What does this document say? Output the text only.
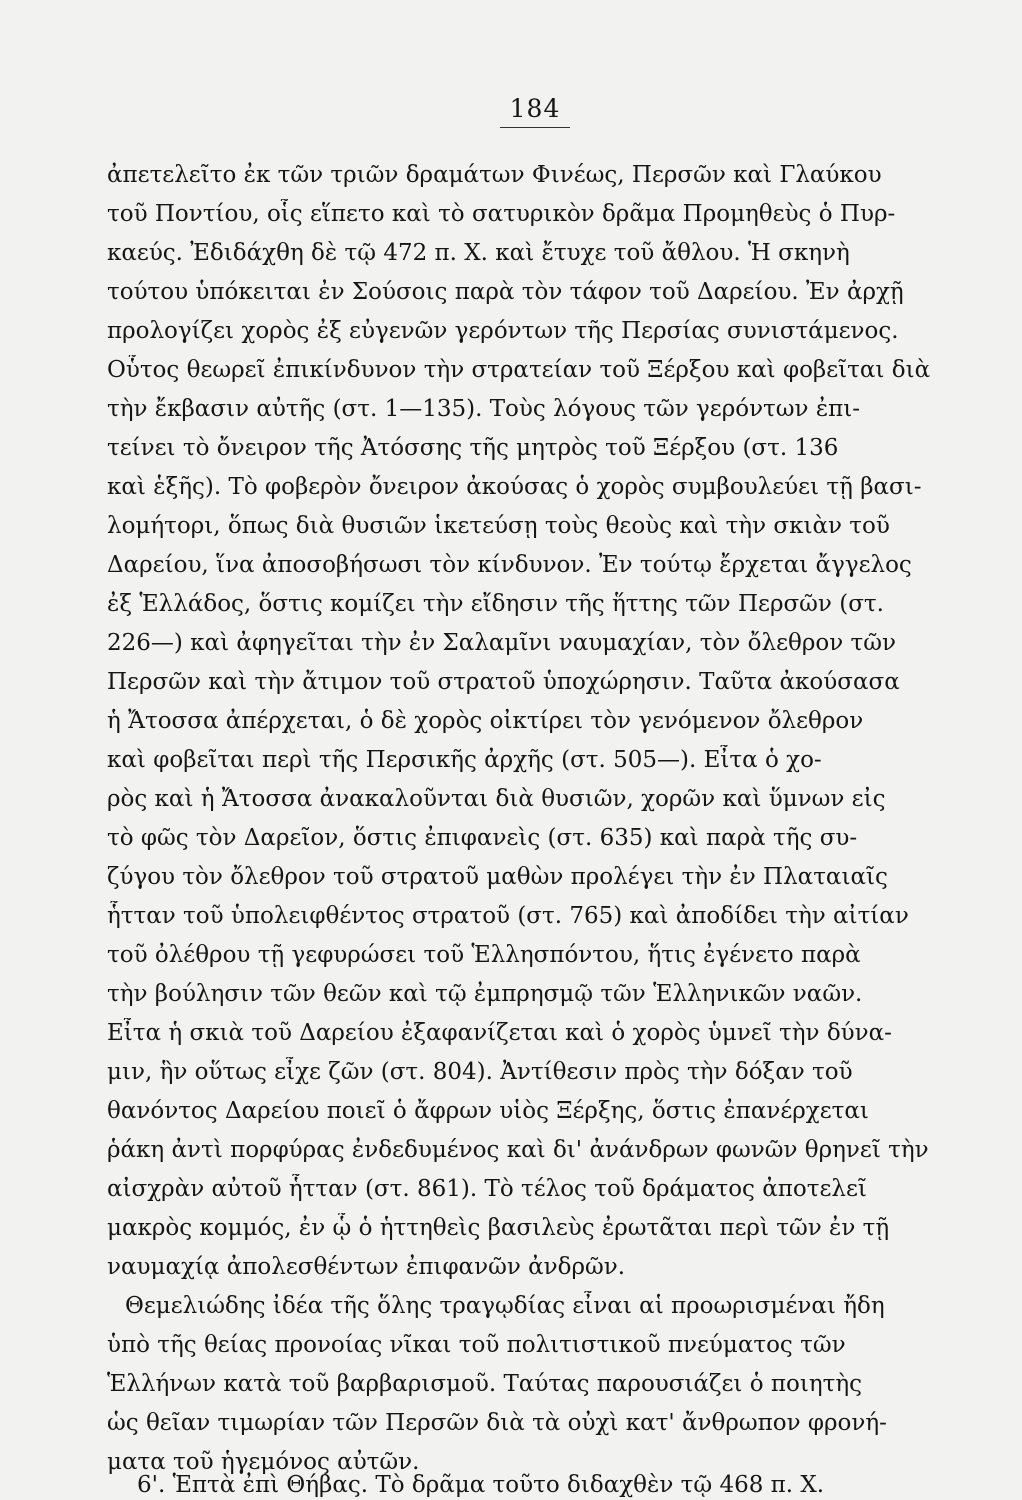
184
ἀπετελεῖτο ἐκ τῶν τριῶν δραμάτων Φινέως, Περσῶν καὶ Γλαύκου
τοῦ Ποντίου, οἷς εἵπετο καὶ τὸ σατυρικὸν δρᾶμα Προμηθεὺς ὁ Πυρ-
καεύς. Ἐδιδάχθη δὲ τῷ 472 π. Χ. καὶ ἔτυχε τοῦ ἄθλου. Ἡ σκηνὴ
τούτου ὑπόκειται ἐν Σούσοις παρὰ τὸν τάφον τοῦ Δαρείου. Ἐν ἀρχῇ
προλογίζει χορὸς ἐξ εὐγενῶν γερόντων τῆς Περσίας συνιστάμενος.
Οὗτος θεωρεῖ ἐπικίνδυνον τὴν στρατείαν τοῦ Ξέρξου καὶ φοβεῖται διὰ
τὴν ἔκβασιν αὐτῆς (στ. 1—135). Τοὺς λόγους τῶν γερόντων ἐπι-
τείνει τὸ ὄνειρον τῆς Ἀτόσσης τῆς μητρὸς τοῦ Ξέρξου (στ. 136
καὶ ἑξῆς). Τὸ φοβερὸν ὄνειρον ἀκούσας ὁ χορὸς συμβουλεύει τῇ βασι-
λομήτορι, ὅπως διὰ θυσιῶν ἱκετεύσῃ τοὺς θεοὺς καὶ τὴν σκιὰν τοῦ
Δαρείου, ἵνα ἀποσοβήσωσι τὸν κίνδυνον. Ἐν τούτῳ ἔρχεται ἄγγελος
ἐξ Ἑλλάδος, ὅστις κομίζει τὴν εἴδησιν τῆς ἥττης τῶν Περσῶν (στ.
226—) καὶ ἀφηγεῖται τὴν ἐν Σαλαμῖνι ναυμαχίαν, τὸν ὄλεθρον τῶν
Περσῶν καὶ τὴν ἄτιμον τοῦ στρατοῦ ὑποχώρησιν. Ταῦτα ἀκούσασα
ἡ Ἄτοσσα ἀπέρχεται, ὁ δὲ χορὸς οἰκτίρει τὸν γενόμενον ὄλεθρον
καὶ φοβεῖται περὶ τῆς Περσικῆς ἀρχῆς (στ. 505—). Εἶτα ὁ χο-
ρὸς καὶ ἡ Ἄτοσσα ἀνακαλοῦνται διὰ θυσιῶν, χορῶν καὶ ὕμνων εἰς
τὸ φῶς τὸν Δαρεῖον, ὅστις ἐπιφανεὶς (στ. 635) καὶ παρὰ τῆς συ-
ζύγου τὸν ὄλεθρον τοῦ στρατοῦ μαθὼν προλέγει τὴν ἐν Πλαταιαῖς
ἧτταν τοῦ ὑπολειφθέντος στρατοῦ (στ. 765) καὶ ἀποδίδει τὴν αἰτίαν
τοῦ ὀλέθρου τῇ γεφυρώσει τοῦ Ἑλλησπόντου, ἥτις ἐγένετο παρὰ
τὴν βούλησιν τῶν θεῶν καὶ τῷ ἐμπρησμῷ τῶν Ἑλληνικῶν ναῶν.
Εἶτα ἡ σκιὰ τοῦ Δαρείου ἐξαφανίζεται καὶ ὁ χορὸς ὑμνεῖ τὴν δύνα-
μιν, ἣν οὕτως εἶχε ζῶν (στ. 804). Ἀντίθεσιν πρὸς τὴν δόξαν τοῦ
θανόντος Δαρείου ποιεῖ ὁ ἄφρων υἱὸς Ξέρξης, ὅστις ἐπανέρχεται
ῥάκη ἀντὶ πορφύρας ἐνδεδυμένος καὶ δι' ἀνάνδρων φωνῶν θρηνεῖ τὴν
αἰσχρὰν αὐτοῦ ἧτταν (στ. 861). Τὸ τέλος τοῦ δράματος ἀποτελεῖ
μακρὸς κομμός, ἐν ᾧ ὁ ἡττηθεὶς βασιλεὺς ἐρωτᾶται περὶ τῶν ἐν τῇ
ναυμαχίᾳ ἀπολεσθέντων ἐπιφανῶν ἀνδρῶν.
Θεμελιώδης ἰδέα τῆς ὅλης τραγῳδίας εἶναι αἱ προωρισμέναι ἤδη
ὑπὸ τῆς θείας προνοίας νῖκαι τοῦ πολιτιστικοῦ πνεύματος τῶν
Ἑλλήνων κατὰ τοῦ βαρβαρισμοῦ. Ταύτας παρουσιάζει ὁ ποιητὴς
ὡς θεῖαν τιμωρίαν τῶν Περσῶν διὰ τὰ οὐχὶ κατ' ἄνθρωπον φρονή-
ματα τοῦ ἡγεμόνος αὐτῶν.
6'. Ἑπτὰ ἐπὶ Θήβας. Τὸ δρᾶμα τοῦτο διδαχθὲν τῷ 468 π. Χ.
